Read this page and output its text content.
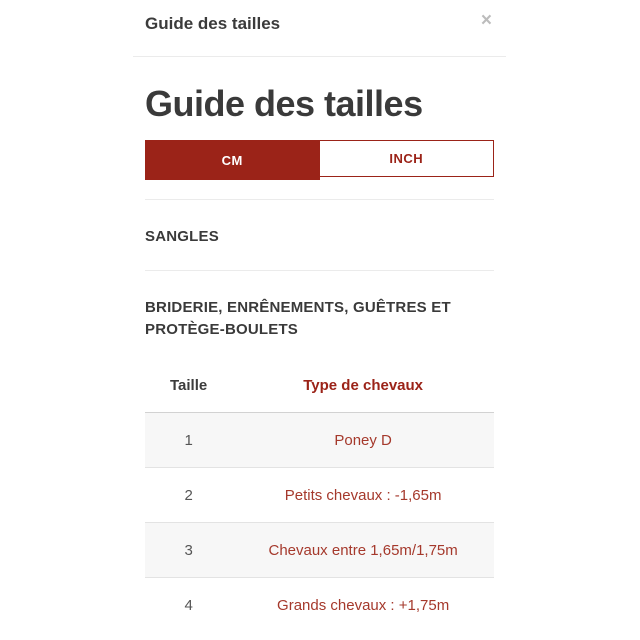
Guide des tailles	×
Guide des tailles
CM	INCH
SANGLES
BRIDERIE, ENRÊNEMENTS, GUÊTRES ET PROTÈGE-BOULETS
Taille	Type de chevaux
1	Poney D
2	Petits chevaux : -1,65m
3	Chevaux entre 1,65m/1,75m
4	Grands chevaux : +1,75m
